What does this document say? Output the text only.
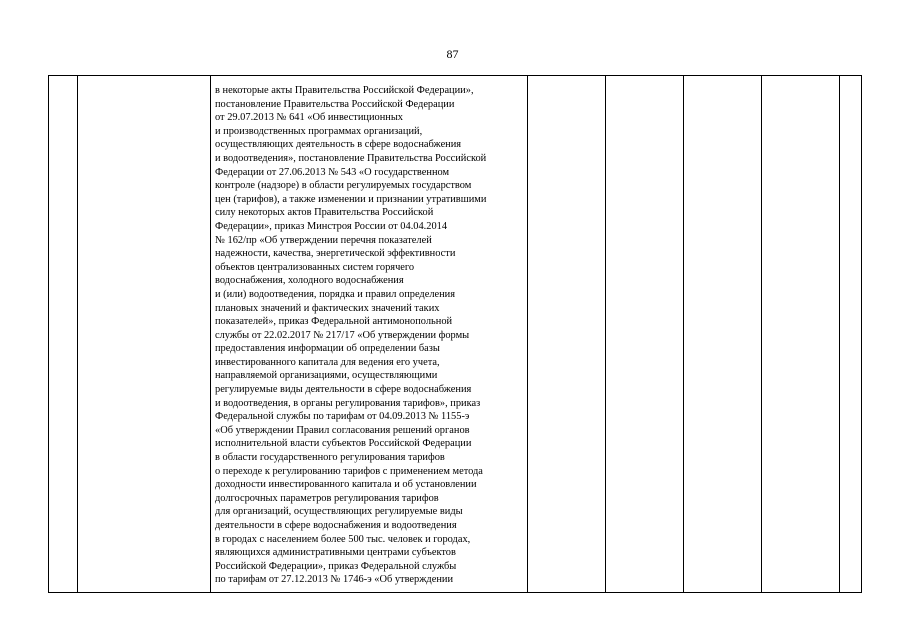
87

в некоторые акты Правительства Российской Федерации»,
постановление Правительства Российской Федерации
от 29.07.2013 № 641 «Об инвестиционных
и производственных программах организаций,
осуществляющих деятельность в сфере водоснабжения
и водоотведения», постановление Правительства Российской
Федерации от 27.06.2013 № 543 «О государственном
контроле (надзоре) в области регулируемых государством
цен (тарифов), а также изменении и признании утратившими
силу некоторых актов Правительства Российской
Федерации», приказ Минстроя России от 04.04.2014
№ 162/пр «Об утверждении перечня показателей
надежности, качества, энергетической эффективности
объектов централизованных систем горячего
водоснабжения, холодного водоснабжения
и (или) водоотведения, порядка и правил определения
плановых значений и фактических значений таких
показателей», приказ Федеральной антимонопольной
службы от 22.02.2017 № 217/17 «Об утверждении формы
предоставления информации об определении базы
инвестированного капитала для ведения его учета,
направляемой организациями, осуществляющими
регулируемые виды деятельности в сфере водоснабжения
и водоотведения, в органы регулирования тарифов», приказ
Федеральной службы по тарифам от 04.09.2013 № 1155-э
«Об утверждении Правил согласования решений органов
исполнительной власти субъектов Российской Федерации
в области государственного регулирования тарифов
о переходе к регулированию тарифов с применением метода
доходности инвестированного капитала и об установлении
долгосрочных параметров регулирования тарифов
для организаций, осуществляющих регулируемые виды
деятельности в сфере водоснабжения и водоотведения
в городах с населением более 500 тыс. человек и городах,
являющихся административными центрами субъектов
Российской Федерации», приказ Федеральной службы
по тарифам от 27.12.2013 № 1746-э «Об утверждении
